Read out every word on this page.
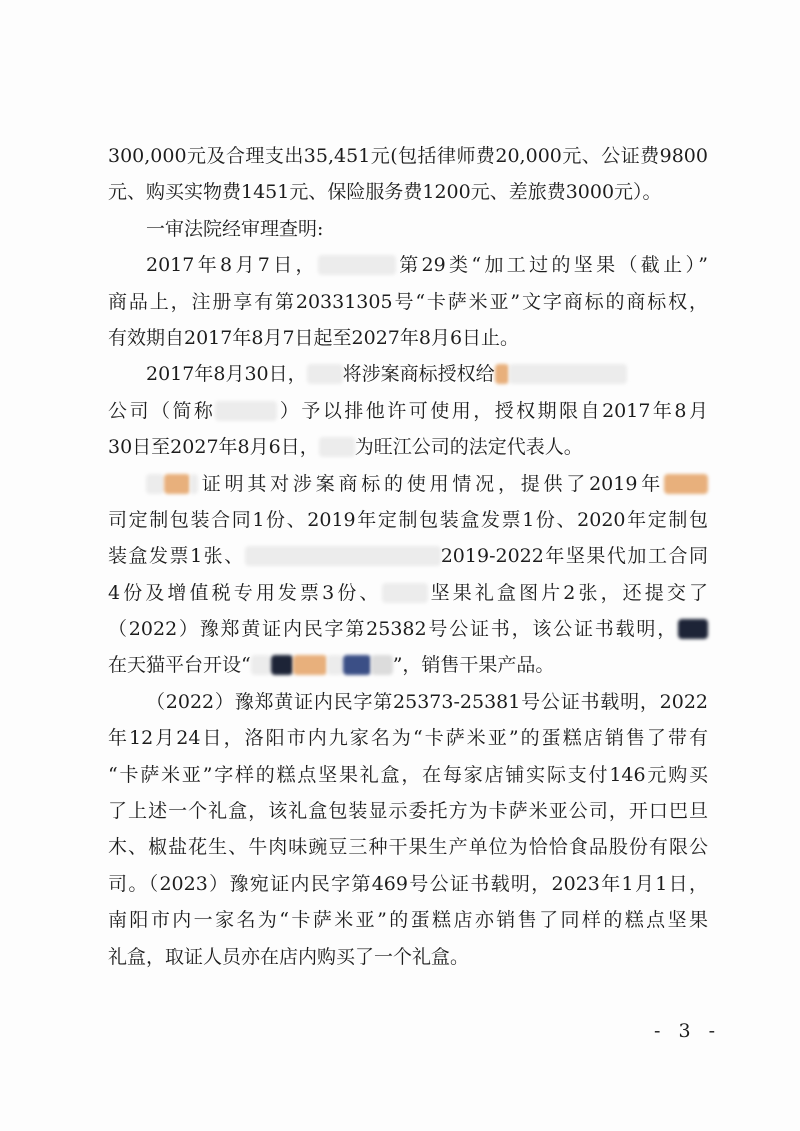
300,000元及合理支出35,451元(包括律师费20,000元、公证费9800
元、购买实物费1451元、保险服务费1200元、差旅费3000元）。
一审法院经审理查明:
2017年8月7日，	第29类“加工过的坚果（截止）”
商品上，注册享有第20331305号“卡萨米亚”文字商标的商标权，
有效期自2017年8月7日起至2027年8月6日止。
2017年8月30日， 将涉案商标授权给
公司（简称	）予以排他许可使用，授权期限自2017年8月
30日至2027年8月6日， 为旺江公司的法定代表人。
证明其对涉案商标的使用情况，提供了2019年
司定制包装合同1份、2019年定制包装盒发票1份、2020年定制包
装盒发票1张、	2019-2022年坚果代加工合同
4份及增值税专用发票3份、 坚果礼盒图片2张，还提交了
（2022）豫郑黄证内民字第25382号公证书，该公证书载明，
在天猫平台开设“	”，销售干果产品。
（2022）豫郑黄证内民字第25373-25381号公证书载明，2022
年12月24日，洛阳市内九家名为“卡萨米亚”的蛋糕店销售了带有
“卡萨米亚”字样的糕点坚果礼盒，在每家店铺实际支付146元购买
了上述一个礼盒，该礼盒包装显示委托方为卡萨米亚公司，开口巴旦
木、椒盐花生、牛肉味豌豆三种干果生产单位为恰恰食品股份有限公
司。（2023）豫宛证内民字第469号公证书载明，2023年1月1日，
南阳市内一家名为“卡萨米亚”的蛋糕店亦销售了同样的糕点坚果
礼盒，取证人员亦在店内购买了一个礼盒。
- 3 -
